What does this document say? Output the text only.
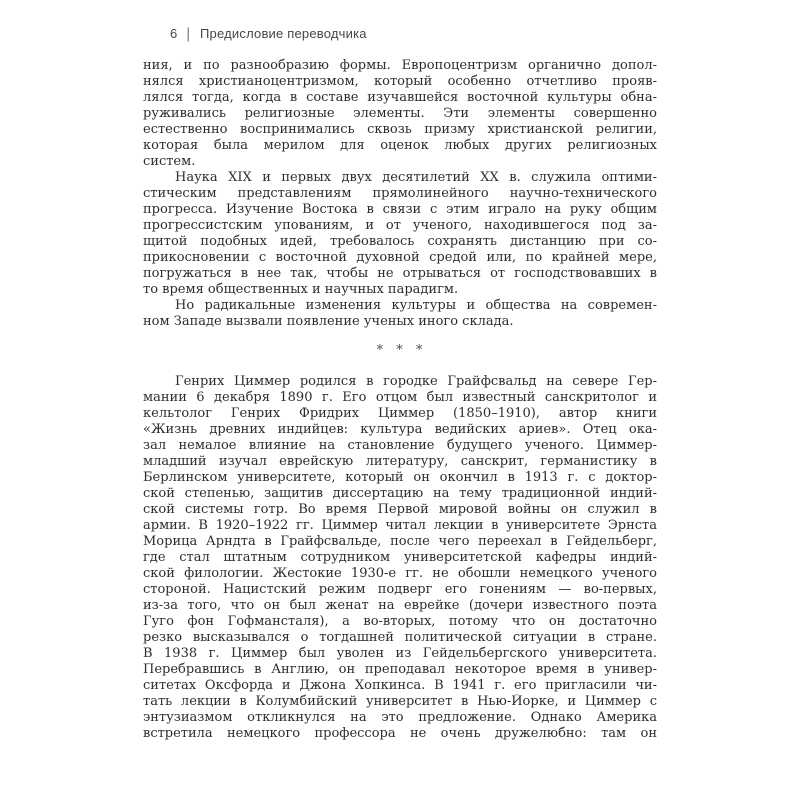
6 | Предисловие переводчика
ния, и по разнообразию формы. Европоцентризм органично допол-
нялся христианоцентризмом, который особенно отчетливо прояв-
лялся тогда, когда в составе изучавшейся восточной культуры обна-
руживались религиозные элементы. Эти элементы совершенно
естественно воспринимались сквозь призму христианской религии,
которая была мерилом для оценок любых других религиозных
систем.
Наука XIX и первых двух десятилетий XX в. служила оптими-
стическим представлениям прямолинейного научно-технического
прогресса. Изучение Востока в связи с этим играло на руку общим
прогрессистским упованиям, и от ученого, находившегося под за-
щитой подобных идей, требовалось сохранять дистанцию при со-
прикосновении с восточной духовной средой или, по крайней мере,
погружаться в нее так, чтобы не отрываться от господствовавших в
то время общественных и научных парадигм.
Но радикальные изменения культуры и общества на современ-
ном Западе вызвали появление ученых иного склада.
* * *
Генрих Циммер родился в городке Грайфсвальд на севере Гер-
мании 6 декабря 1890 г. Его отцом был известный санскритолог и
кельтолог Генрих Фридрих Циммер (1850–1910), автор книги
«Жизнь древних индийцев: культура ведийских ариев». Отец ока-
зал немалое влияние на становление будущего ученого. Циммер-
младший изучал еврейскую литературу, санскрит, германистику в
Берлинском университете, который он окончил в 1913 г. с доктор-
ской степенью, защитив диссертацию на тему традиционной индий-
ской системы готр. Во время Первой мировой войны он служил в
армии. В 1920–1922 гг. Циммер читал лекции в университете Эрнста
Морица Арндта в Грайфсвальде, после чего переехал в Гейдельберг,
где стал штатным сотрудником университетской кафедры индий-
ской филологии. Жестокие 1930-е гг. не обошли немецкого ученого
стороной. Нацистский режим подверг его гонениям — во-первых,
из-за того, что он был женат на еврейке (дочери известного поэта
Гуго фон Гофмансталя), а во-вторых, потому что он достаточно
резко высказывался о тогдашней политической ситуации в стране.
В 1938 г. Циммер был уволен из Гейдельбергского университета.
Перебравшись в Англию, он преподавал некоторое время в универ-
ситетах Оксфорда и Джона Хопкинса. В 1941 г. его пригласили чи-
тать лекции в Колумбийский университет в Нью-Йорке, и Циммер с
энтузиазмом откликнулся на это предложение. Однако Америка
встретила немецкого профессора не очень дружелюбно: там он
